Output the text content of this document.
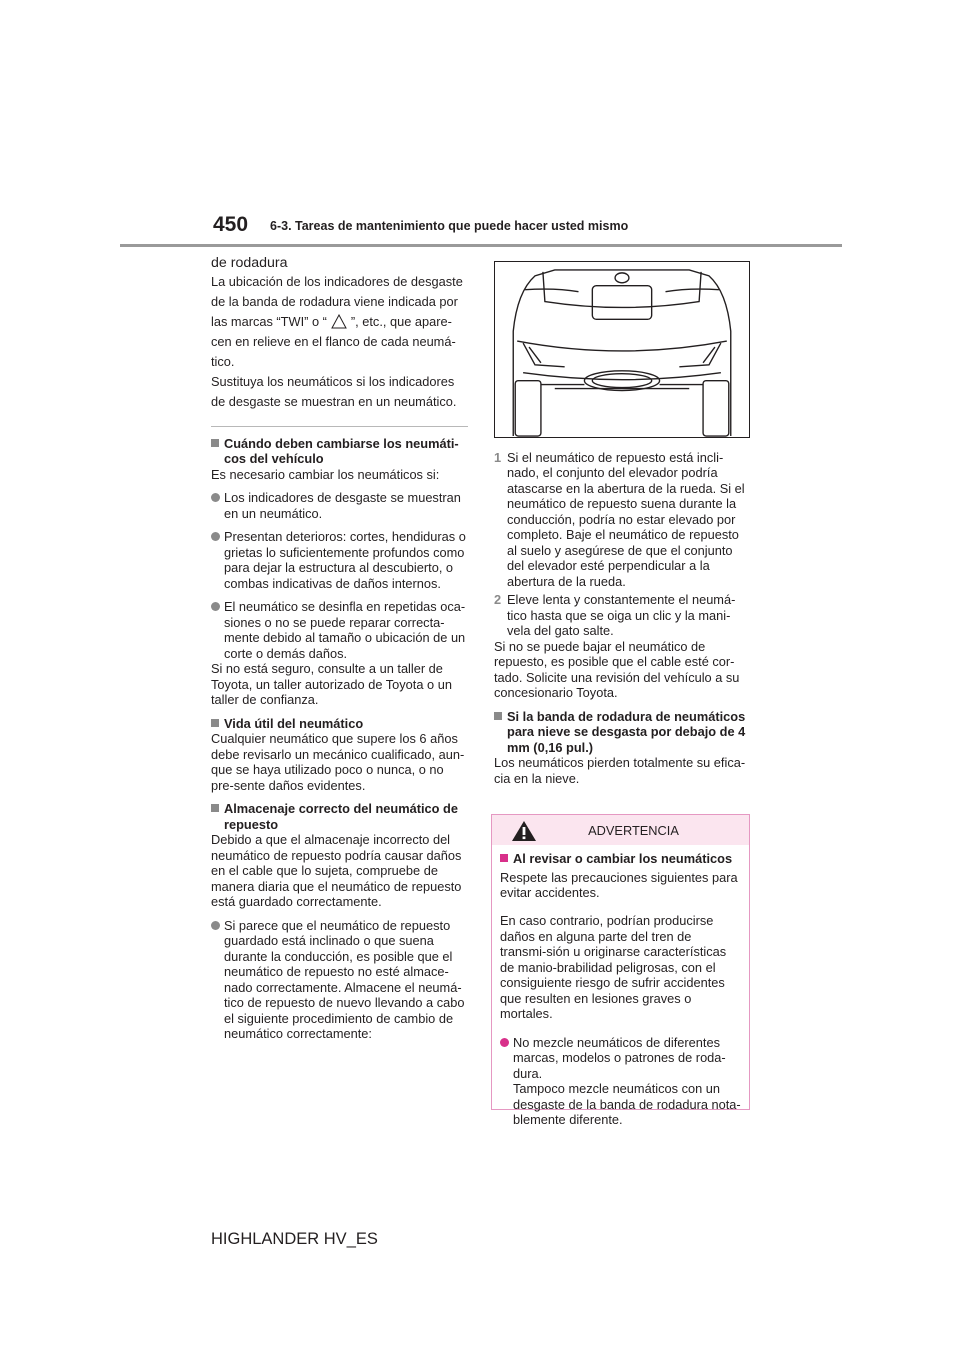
450 6-3. Tareas de mantenimiento que puede hacer usted mismo

de rodadura

La ubicación de los indicadores de desgaste de la banda de rodadura viene indicada por las marcas “TWI” o “ ”, etc., que apare-cen en relieve en el flanco de cada neumá-tico.

Sustituya los neumáticos si los indicadores de desgaste se muestran en un neumático.

Cuándo deben cambiarse los neumáti-cos del vehículo

Es necesario cambiar los neumáticos si:

Los indicadores de desgaste se muestran en un neumático.
Presentan deterioros: cortes, hendiduras o grietas lo suficientemente profundos como para dejar la estructura al descubierto, o combas indicativas de daños internos.
El neumático se desinfla en repetidas oca-siones o no se puede reparar correcta-mente debido al tamaño o ubicación de un corte o demás daños.

Si no está seguro, consulte a un taller de Toyota, un taller autorizado de Toyota o un taller de confianza.

Vida útil del neumático

Cualquier neumático que supere los 6 años debe revisarlo un mecánico cualificado, aun-que se haya utilizado poco o nunca, o no pre-sente daños evidentes.

Almacenaje correcto del neumático de repuesto

Debido a que el almacenaje incorrecto del neumático de repuesto podría causar daños en el cable que lo sujeta, compruebe de manera diaria que el neumático de repuesto está guardado correctamente.

Si parece que el neumático de repuesto guardado está inclinado o que suena durante la conducción, es posible que el neumático de repuesto no esté almace-nado correctamente. Almacene el neumá-tico de repuesto de nuevo llevando a cabo el siguiente procedimiento de cambio de neumático correctamente:
1 Si el neumático de repuesto está incli-nado, el conjunto del elevador podría atascarse en la abertura de la rueda. Si el neumático de repuesto suena durante la conducción, podría no estar elevado por completo. Baje el neumático de repuesto al suelo y asegúrese de que el conjunto del elevador esté perpendicular a la abertura de la rueda.
2 Eleve lenta y constantemente el neumá-tico hasta que se oiga un clic y la mani-vela del gato salte.

Si no se puede bajar el neumático de repuesto, es posible que el cable esté cor-tado. Solicite una revisión del vehículo a su concesionario Toyota.

Si la banda de rodadura de neumáticos para nieve se desgasta por debajo de 4 mm (0,16 pul.)

Los neumáticos pierden totalmente su efica-cia en la nieve.

ADVERTENCIA
Al revisar o cambiar los neumáticos

Respete las precauciones siguientes para evitar accidentes.

En caso contrario, podrían producirse daños en alguna parte del tren de transmi-sión u originarse características de manio-brabilidad peligrosas, con el consiguiente riesgo de sufrir accidentes que resulten en lesiones graves o mortales.

No mezcle neumáticos de diferentes marcas, modelos o patrones de roda-dura.
Tampoco mezcle neumáticos con un desgaste de la banda de rodadura nota-blemente diferente.
HIGHLANDER HV_ES
